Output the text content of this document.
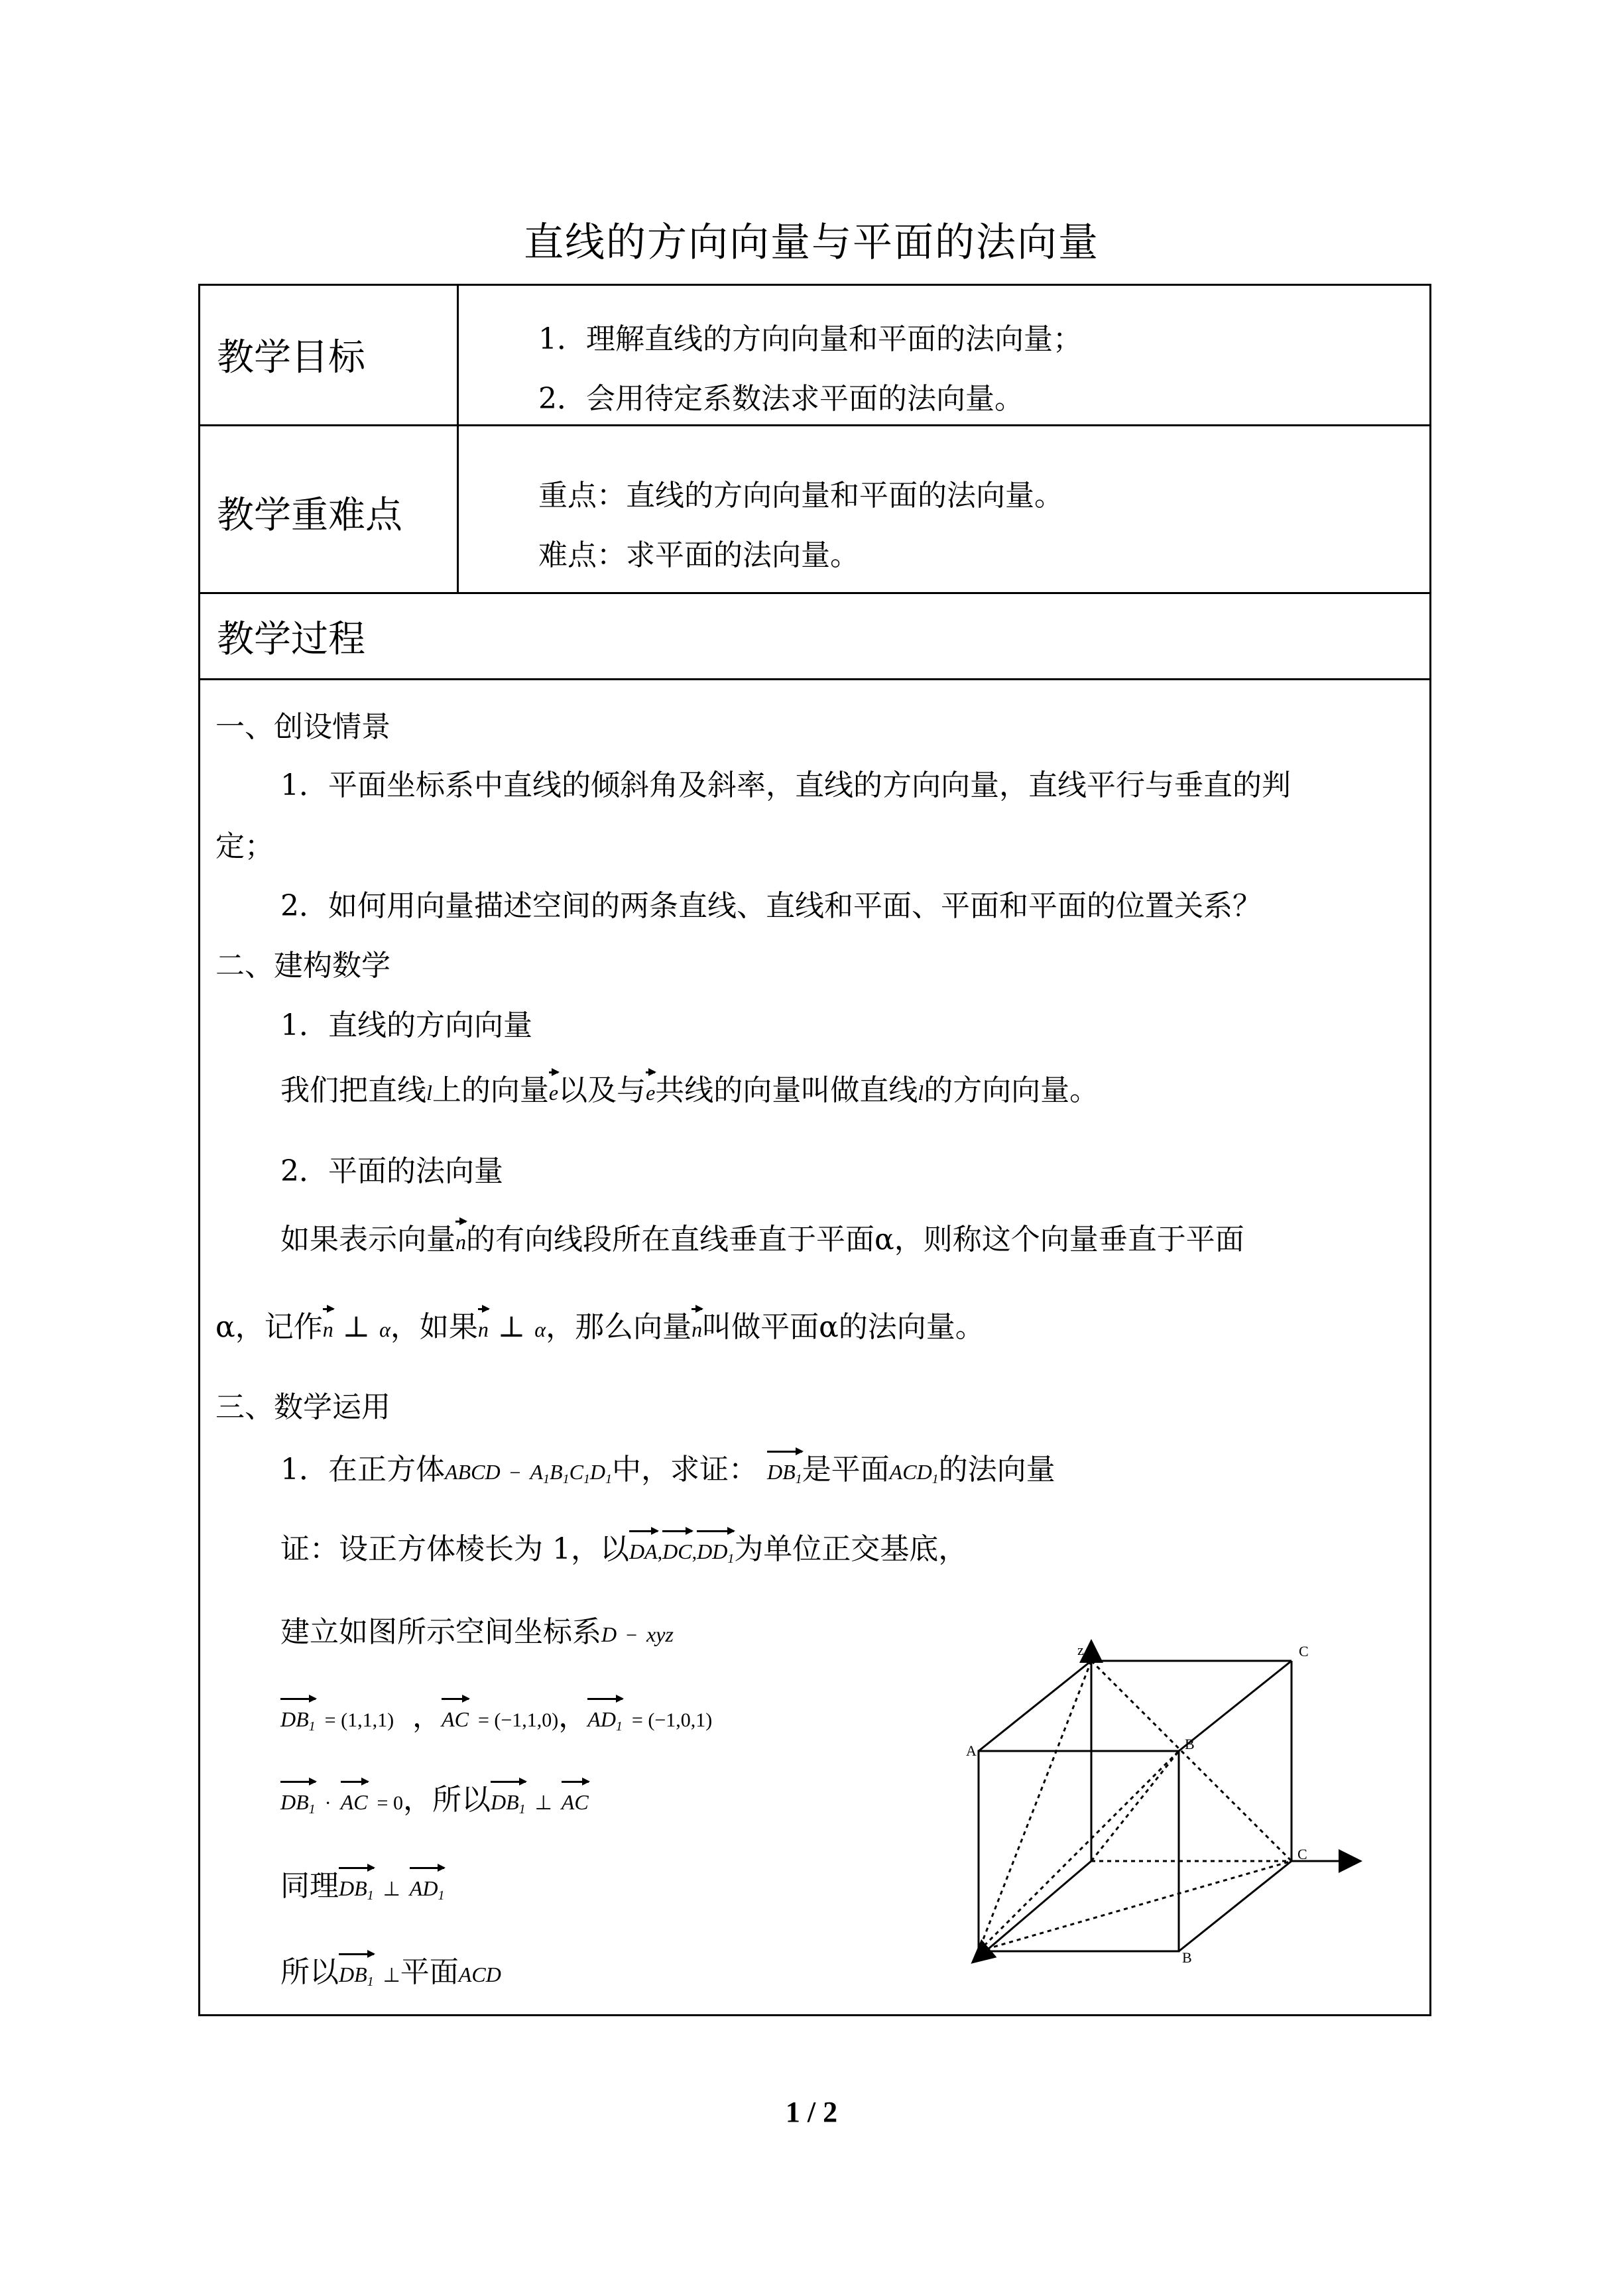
直线的方向向量与平面的法向量
教学目标	1．理解直线的方向向量和平面的法向量；
2．会用待定系数法求平面的法向量。
教学重难点	重点：直线的方向向量和平面的法向量。
难点：求平面的法向量。
教学过程
一、创设情景
1．平面坐标系中直线的倾斜角及斜率，直线的方向向量，直线平行与垂直的判
定；
2．如何用向量描述空间的两条直线、直线和平面、平面和平面的位置关系？
二、建构数学
1．直线的方向向量
我们把直线l上的向量
e以及与
e共线的向量叫做直线l的方向向量。
2．平面的法向量
如果表示向量
n的有向线段所在直线垂直于平面α，则称这个向量垂直于平面
α，记作
n ⊥ α，如果
n ⊥ α，那么向量
n叫做平面α的法向量。
三、数学运用
1．在正方体ABCD − $A_1B_1C_1D_1$中，求证： $DB_1$是平面$ACD_1$的法向量
证：设正方体棱长为 1，以
DA,
DC,
$DD_1$为单位正交基底，
建立如图所示空间坐标系D − xyz
$DB_1 = (1,1,1)$ ，
AC = (−1,1,0)，
$AD_1 = (-1,0,1)$
$DB_1$ · AC = 0，所以
$DB_1$ ⊥ AC
同理
$DB_1$ ⊥ $AD_1$
所以
$DB_1$ ⊥平面ACD
z	C
A	B
C
B
1 / 2
